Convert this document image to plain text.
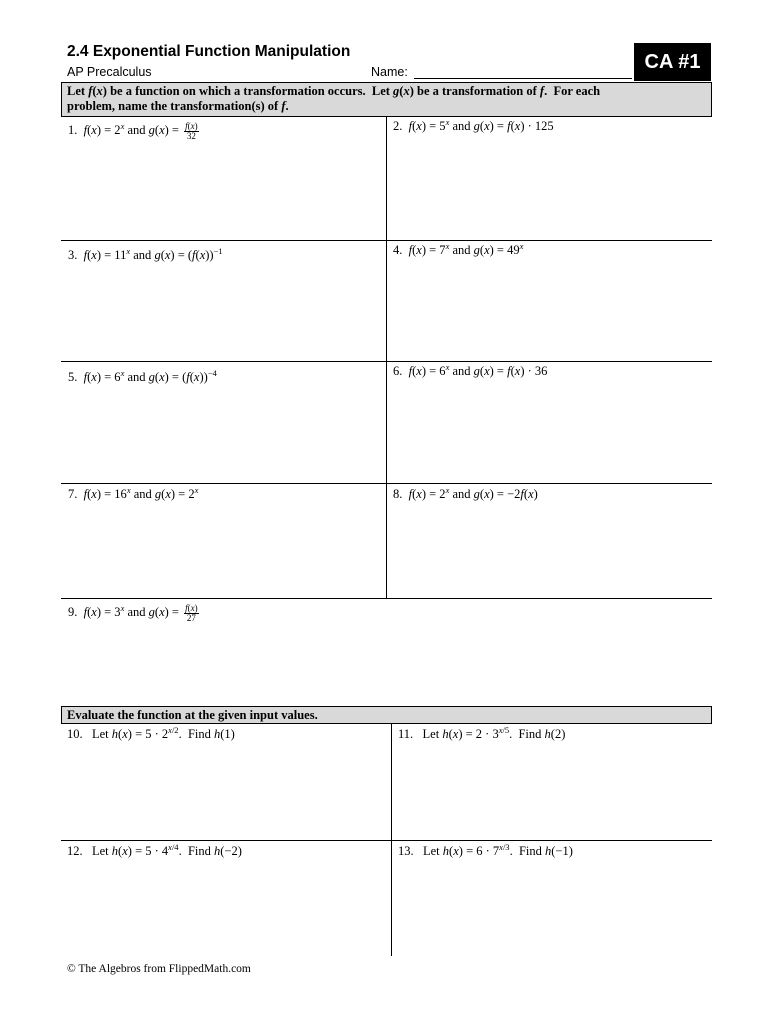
2.4 Exponential Function Manipulation
AP Precalculus	Name:	CA #1
Let f(x) be a function on which a transformation occurs.  Let g(x) be a transformation of f.  For each
problem, name the transformation(s) of f.
1. $f(x) = 2^x$ and $g(x) = \frac{f(x)}{32}$	2. $f(x) = 5^x$ and g(x) = f(x) · 125
3. $f(x) = 11^x$ and $g(x) = (f(x))^{-1}$	4. $f(x) = 7^x$ and $g(x) = 49^x$
5. $f(x) = 6^x$ and $g(x) = (f(x))^{-4}$	6. $f(x) = 6^x$ and g(x) = f(x) · 36
7. $f(x) = 16^x$ and $g(x) = 2^x$	8. $f(x) = 2^x$ and g(x) = −2f(x)
9. $f(x) = 3^x$ and $g(x) = \frac{f(x)}{27}$
Evaluate the function at the given input values.
10. Let $h(x) = 5 \cdot 2^{x/2}$.  Find h(1)	11. Let $h(x) = 2 \cdot 3^{x/5}$.  Find h(2)
12. Let $h(x) = 5 \cdot 4^{x/4}$.  Find h(−2)	13. Let $h(x) = 6 \cdot 7^{x/3}$.  Find h(−1)
© The Algebros from FlippedMath.com
